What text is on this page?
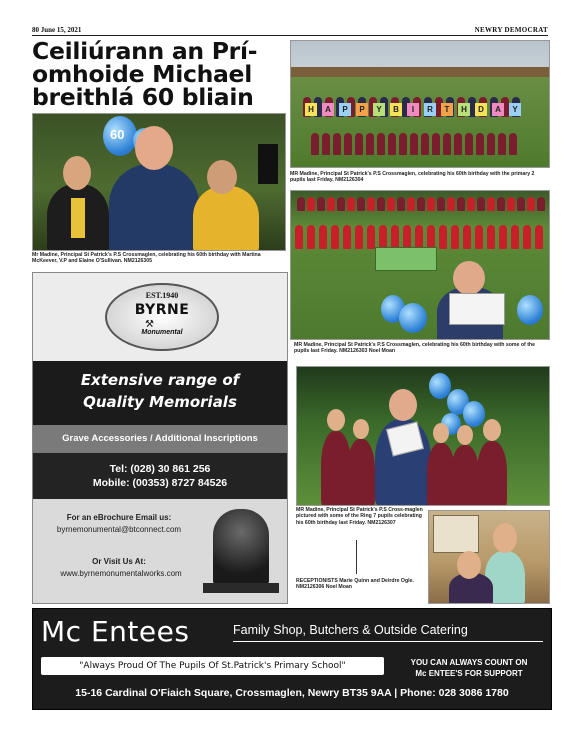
80 June 15, 2021	NEWRY DEMOCRAT
Ceiliúrann an Prí-
omhoide Michael
breithlá 60 bliain
60
Mr Madine, Principal St Patrick's P.S Crossmaglen, celebrating his 60th birthday with Martina McKeever, V.P and Elaine O'Sullivan. NM2126305
H	A	P	P	Y	B	I	R	T	H	D	A	Y
MR Madine, Principal St Patrick's P.S Crossmaglen, celebrating his 60th birthday with the primary 2 pupils last Friday. NM2126304
MR Madine, Principal St Patrick's P.S Crossmaglen, celebrating his 60th birthday with some of the pupils last Friday. NM2126303 Noel Moan
MR Madine, Principal St Patrick's P.S Cross-maglen pictured with some of the Ring 7 pupils celebrating his 60th birthday last Friday. NM2126307
RECEPTIONISTS Marie Quinn and Deirdre Ogle. NM2126306 Noel Moan
EST.1940
BYRNE
⚒
Monumental
Extensive range of
Quality Memorials
Grave Accessories / Additional Inscriptions
Tel: (028) 30 861 256
Mobile: (00353) 8727 84526
For an eBrochure Email us:
byrnemonumental@btconnect.com
Or Visit Us At:
www.byrnemonumentalworks.com
Mc Entees	Family Shop, Butchers & Outside Catering
"Always Proud Of The Pupils Of St.Patrick's Primary School"	YOU CAN ALWAYS COUNT ON
Mc ENTEE'S FOR SUPPORT
15-16 Cardinal O'Fiaich Square, Crossmaglen, Newry BT35 9AA | Phone: 028 3086 1780
